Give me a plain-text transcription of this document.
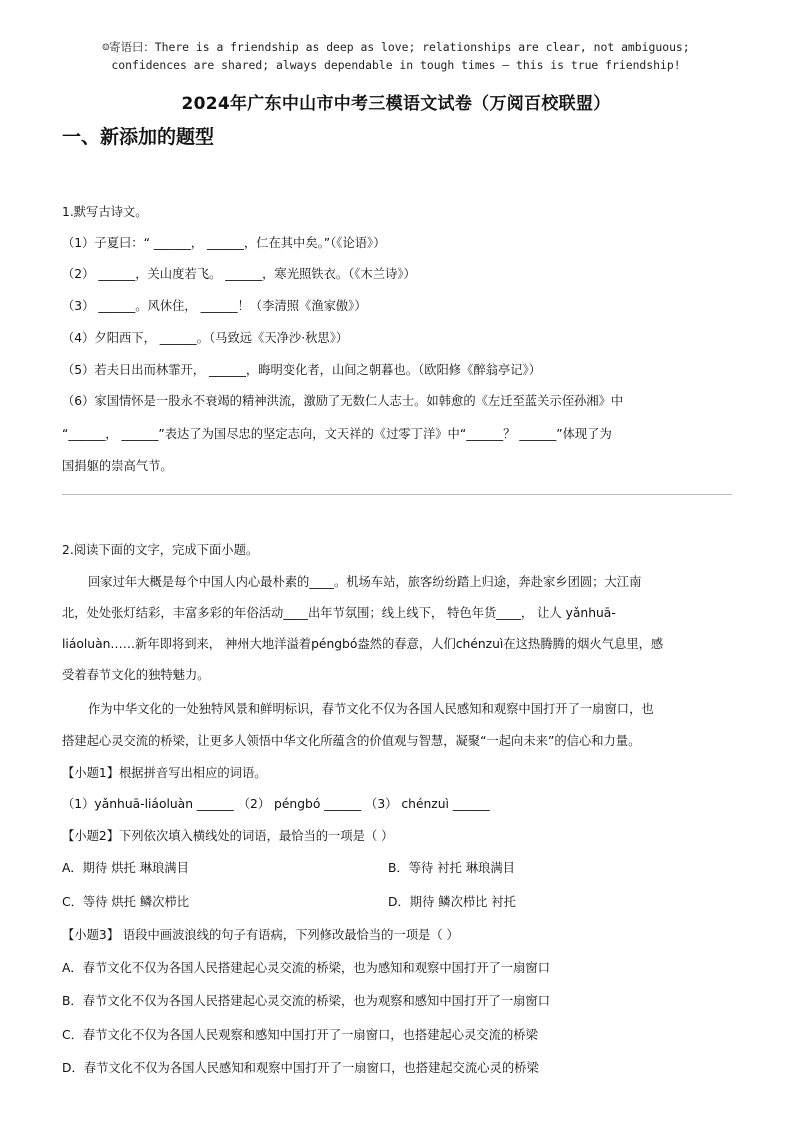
☺寄语曰：There is a friendship as deep as love; relationships are clear, not ambiguous;
confidences are shared; always dependable in tough times — this is true friendship!
2024年广东中山市中考三模语文试卷（万阅百校联盟）
一、新添加的题型
1.默写古诗文。
（1）子夏曰：“ ______， ______，仁在其中矣。”（《论语》）
（2） ______，关山度若飞。 ______，寒光照铁衣。（《木兰诗》）
（3） ______。风休住， ______！（李清照《渔家傲》）
（4）夕阳西下， ______。（马致远《天净沙·秋思》）
（5）若夫日出而林霏开， ______，晦明变化者，山间之朝暮也。（欧阳修《醉翁亭记》）
（6）家国情怀是一股永不衰竭的精神洪流，激励了无数仁人志士。如韩愈的《左迁至蓝关示侄孙湘》中
“______， ______”表达了为国尽忠的坚定志向，文天祥的《过零丁洋》中“______？ ______”体现了为
国捐躯的崇高气节。
2.阅读下面的文字，完成下面小题。
回家过年大概是每个中国人内心最朴素的____。机场车站，旅客纷纷踏上归途，奔赴家乡团圆；大江南
北，处处张灯结彩，丰富多彩的年俗活动____出年节氛围；线上线下， 特色年货____， 让人 yǎnhuā-
liáoluàn……新年即将到来， 神州大地洋溢着péngbó盎然的春意，人们chénzuì在这热腾腾的烟火气息里，感
受着春节文化的独特魅力。
作为中华文化的一处独特风景和鲜明标识，春节文化不仅为各国人民感知和观察中国打开了一扇窗口，也
搭建起心灵交流的桥梁，让更多人领悟中华文化所蕴含的价值观与智慧，凝聚“一起向未来”的信心和力量。
【小题1】根据拼音写出相应的词语。
（1）yǎnhuā-liáoluàn ______ （2） péngbó ______ （3） chénzuì ______
【小题2】下列依次填入横线处的词语，最恰当的一项是（ ）
A．期待 烘托 琳琅满目	B．等待 衬托 琳琅满目
C．等待 烘托 鳞次栉比	D．期待 鳞次栉比 衬托
【小题3】 语段中画波浪线的句子有语病，下列修改最恰当的一项是（ ）
A．春节文化不仅为各国人民搭建起心灵交流的桥梁，也为感知和观察中国打开了一扇窗口
B．春节文化不仅为各国人民搭建起心灵交流的桥梁，也为观察和感知中国打开了一扇窗口
C．春节文化不仅为各国人民观察和感知中国打开了一扇窗口，也搭建起心灵交流的桥梁
D．春节文化不仅为各国人民感知和观察中国打开了一扇窗口，也搭建起交流心灵的桥梁
